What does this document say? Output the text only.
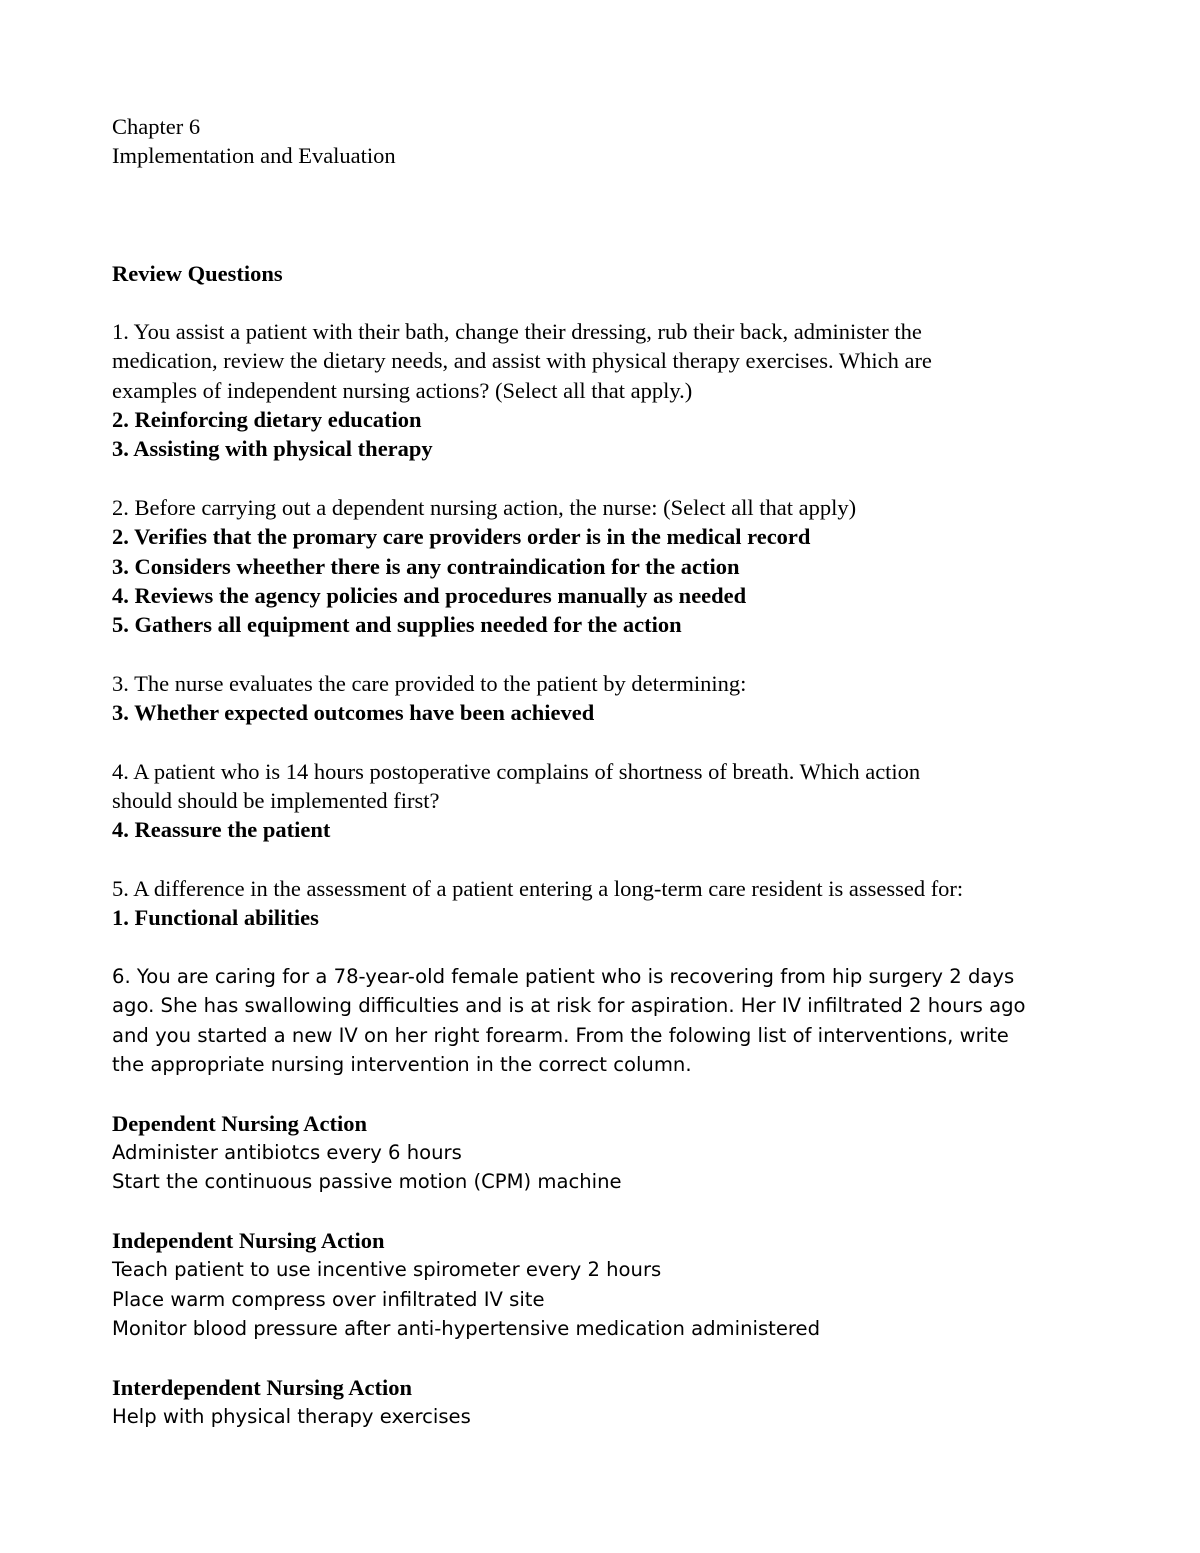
Chapter 6
Implementation and Evaluation
Review Questions
1. You assist a patient with their bath, change their dressing, rub their back, administer the
medication, review the dietary needs, and assist with physical therapy exercises. Which are
examples of independent nursing actions? (Select all that apply.)
2. Reinforcing dietary education
3. Assisting with physical therapy
2. Before carrying out a dependent nursing action, the nurse: (Select all that apply)
2. Verifies that the promary care providers order is in the medical record
3. Considers wheether there is any contraindication for the action
4. Reviews the agency policies and procedures manually as needed
5. Gathers all equipment and supplies needed for the action
3. The nurse evaluates the care provided to the patient by determining:
3. Whether expected outcomes have been achieved
4. A patient who is 14 hours postoperative complains of shortness of breath. Which action
should should be implemented first?
4. Reassure the patient
5. A difference in the assessment of a patient entering a long-term care resident is assessed for:
1. Functional abilities
6. You are caring for a 78-year-old female patient who is recovering from hip surgery 2 days
ago. She has swallowing difficulties and is at risk for aspiration. Her IV infiltrated 2 hours ago
and you started a new IV on her right forearm. From the folowing list of interventions, write
the appropriate nursing intervention in the correct column.
Dependent Nursing Action
Administer antibiotcs every 6 hours
Start the continuous passive motion (CPM) machine
Independent Nursing Action
Teach patient to use incentive spirometer every 2 hours
Place warm compress over infiltrated IV site
Monitor blood pressure after anti-hypertensive medication administered
Interdependent Nursing Action
Help with physical therapy exercises
